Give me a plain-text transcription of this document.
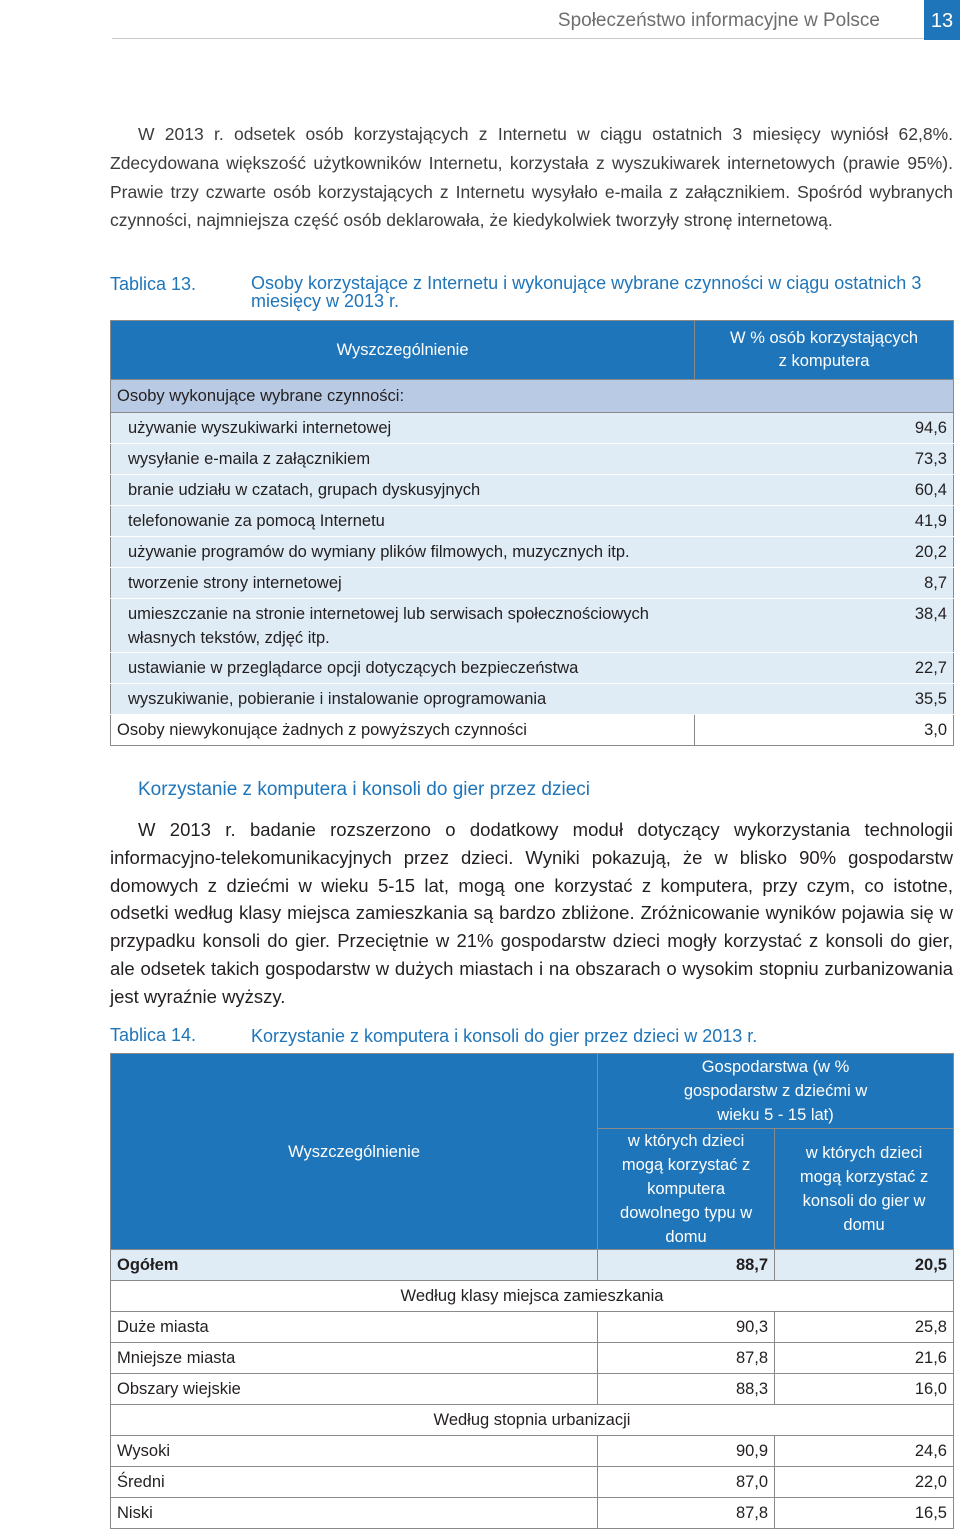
Społeczeństwo informacyjne w Polsce	13
W 2013 r. odsetek osób korzystających z Internetu w ciągu ostatnich 3 miesięcy wyniósł 62,8%. Zdecydowana większość użytkowników Internetu, korzystała z wyszukiwarek internetowych (prawie 95%). Prawie trzy czwarte osób korzystających z Internetu wysyłało e-maila z załącznikiem. Spośród wybranych czynności, najmniejsza część osób deklarowała, że kiedykolwiek tworzyły stronę internetową.
Tablica 13.	Osoby korzystające z Internetu i wykonujące wybrane czynności w ciągu ostatnich 3 miesięcy w 2013 r.
Wyszczególnienie	W % osób korzystających z komputera

Osoby wykonujące wybrane czynności:	
używanie wyszukiwarki internetowej	94,6
wysyłanie e-maila z załącznikiem	73,3
branie udziału w czatach, grupach dyskusyjnych	60,4
telefonowanie za pomocą Internetu	41,9
używanie programów do wymiany plików filmowych, muzycznych itp.	20,2
tworzenie strony internetowej	8,7
umieszczanie na stronie internetowej lub serwisach społecznościowych własnych tekstów, zdjęć itp.	38,4
ustawianie w przeglądarce opcji dotyczących bezpieczeństwa	22,7
wyszukiwanie, pobieranie i instalowanie oprogramowania	35,5
Osoby niewykonujące żadnych z powyższych czynności	3,0
Korzystanie z komputera i konsoli do gier przez dzieci
W 2013 r. badanie rozszerzono o dodatkowy moduł dotyczący wykorzystania technologii informacyjno-telekomunikacyjnych przez dzieci. Wyniki pokazują, że w blisko 90% gospodarstw domowych z dziećmi w wieku 5-15 lat, mogą one korzystać z komputera, przy czym, co istotne, odsetki według klasy miejsca zamieszkania są bardzo zbliżone. Zróżnicowanie wyników pojawia się w przypadku konsoli do gier. Przeciętnie w 21% gospodarstw dzieci mogły korzystać z konsoli do gier, ale odsetek takich gospodarstw w dużych miastach i na obszarach o wysokim stopniu zurbanizowania jest wyraźnie wyższy.
Tablica 14.	Korzystanie z komputera i konsoli do gier przez dzieci w 2013 r.
Wyszczególnienie	Gospodarstwa (w % gospodarstw z dziećmi w wieku 5 - 15 lat)	

	w których dzieci mogą korzystać z komputera dowolnego typu w domu	w których dzieci mogą korzystać z konsoli do gier w domu

Ogółem	88,7	20,5
Według klasy miejsca zamieszkania		
Duże miasta	90,3	25,8
Mniejsze miasta	87,8	21,6
Obszary wiejskie	88,3	16,0
Według stopnia urbanizacji		
Wysoki	90,9	24,6
Średni	87,0	22,0
Niski	87,8	16,5
